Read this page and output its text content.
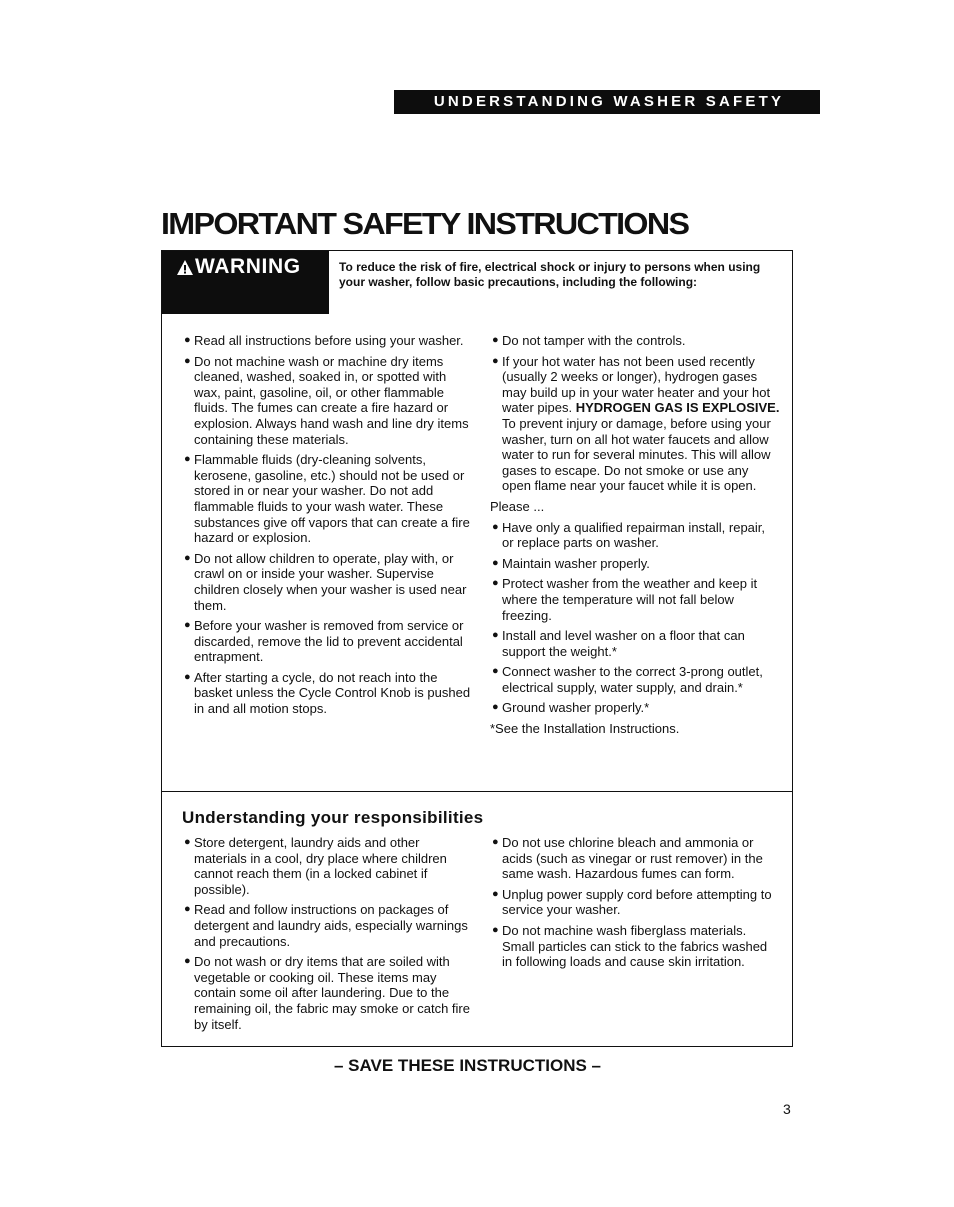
UNDERSTANDING WASHER SAFETY
IMPORTANT SAFETY INSTRUCTIONS
WARNING	To reduce the risk of fire, electrical shock or injury to persons when using your washer, follow basic precautions, including the following:
● Read all instructions before using your washer.
● Do not machine wash or machine dry items cleaned, washed, soaked in, or spotted with wax, paint, gasoline, oil, or other flammable fluids. The fumes can create a fire hazard or explosion. Always hand wash and line dry items containing these materials.
● Flammable fluids (dry-cleaning solvents, kerosene, gasoline, etc.) should not be used or stored in or near your washer. Do not add flammable fluids to your wash water. These substances give off vapors that can create a fire hazard or explosion.
● Do not allow children to operate, play with, or crawl on or inside your washer. Supervise children closely when your washer is used near them.
● Before your washer is removed from service or discarded, remove the lid to prevent accidental entrapment.
● After starting a cycle, do not reach into the basket unless the Cycle Control Knob is pushed in and all motion stops.
● Do not tamper with the controls.
● If your hot water has not been used recently (usually 2 weeks or longer), hydrogen gases may build up in your water heater and your hot water pipes. HYDROGEN GAS IS EXPLOSIVE. To prevent injury or damage, before using your washer, turn on all hot water faucets and allow water to run for several minutes. This will allow gases to escape. Do not smoke or use any open flame near your faucet while it is open.
Please ...
● Have only a qualified repairman install, repair, or replace parts on washer.
● Maintain washer properly.
● Protect washer from the weather and keep it where the temperature will not fall below freezing.
● Install and level washer on a floor that can support the weight.*
● Connect washer to the correct 3-prong outlet, electrical supply, water supply, and drain.*
● Ground washer properly.*
*See the Installation Instructions.
Understanding your responsibilities
● Store detergent, laundry aids and other materials in a cool, dry place where children cannot reach them (in a locked cabinet if possible).
● Read and follow instructions on packages of detergent and laundry aids, especially warnings and precautions.
● Do not wash or dry items that are soiled with vegetable or cooking oil. These items may contain some oil after laundering. Due to the remaining oil, the fabric may smoke or catch fire by itself.
● Do not use chlorine bleach and ammonia or acids (such as vinegar or rust remover) in the same wash. Hazardous fumes can form.
● Unplug power supply cord before attempting to service your washer.
● Do not machine wash fiberglass materials. Small particles can stick to the fabrics washed in following loads and cause skin irritation.
– SAVE THESE INSTRUCTIONS –
3
